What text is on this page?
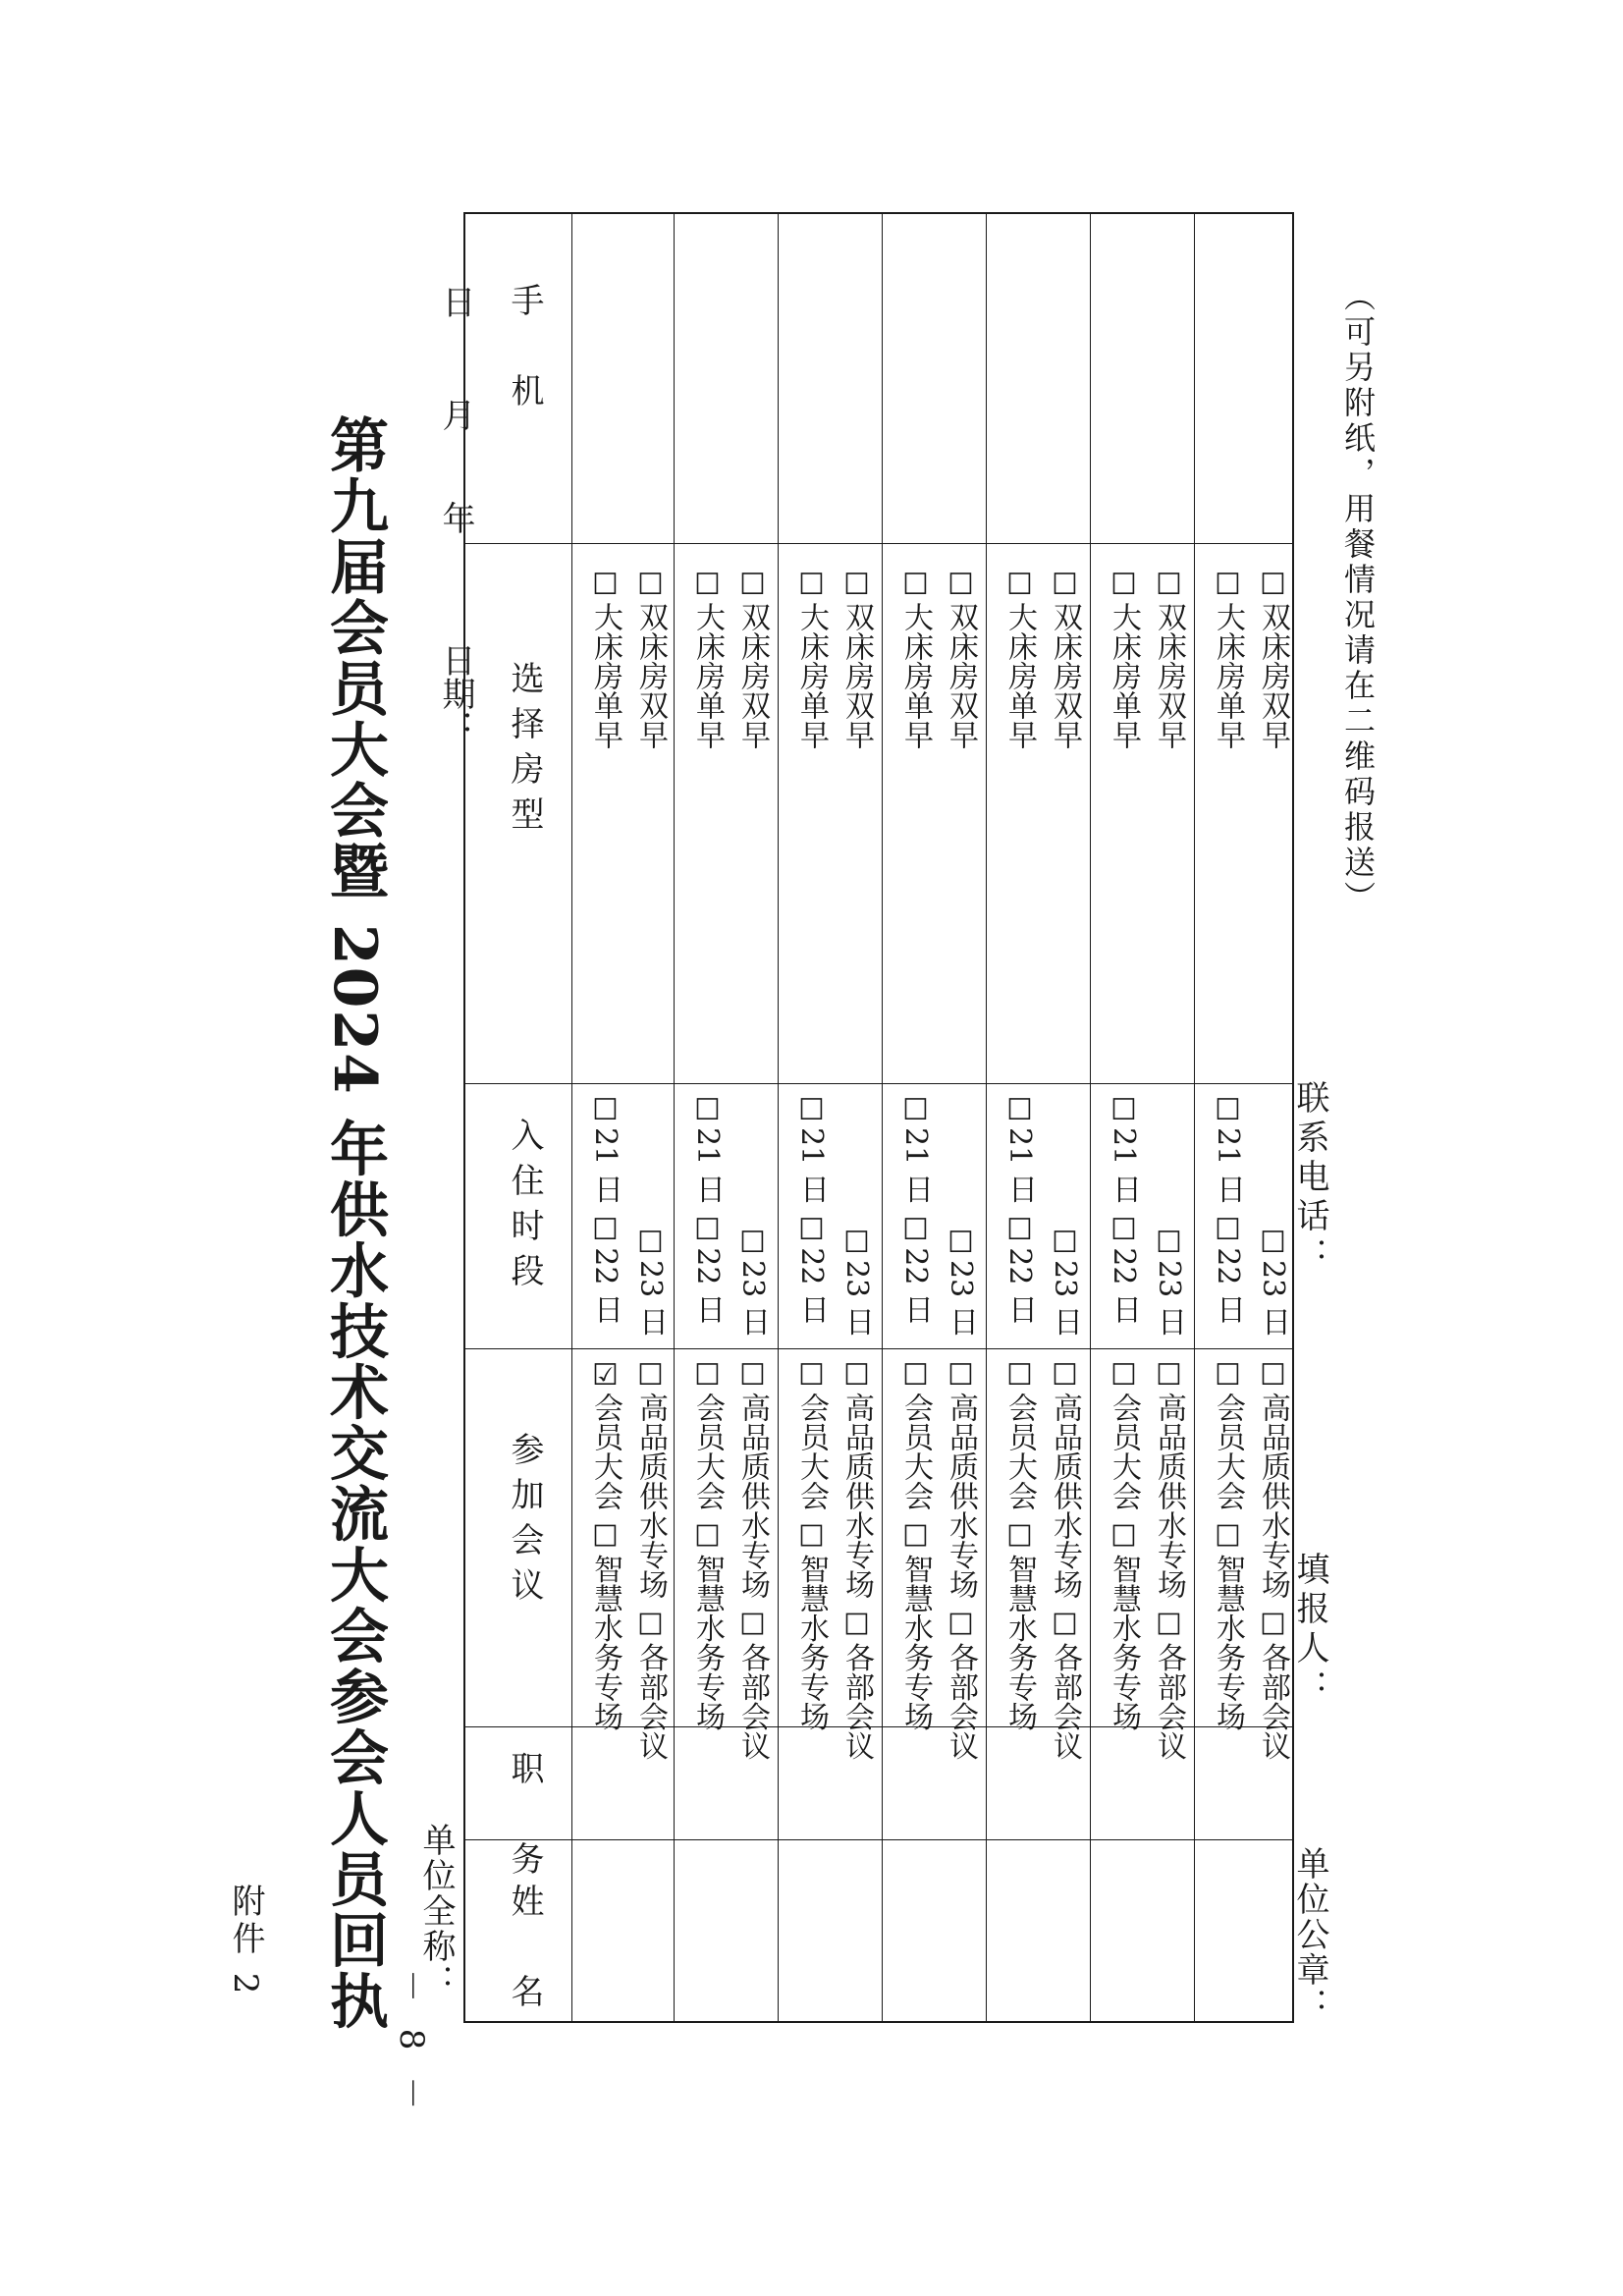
附件 2 第九届会员大会暨 2024 年供水技术交流大会参会人员回执 单位全称：
日期：
年
月
日 手　机
选择房型
入住时段
参加会议
职　务
姓　名
☐大床房单早 ☐双床房双早
☐21 日 ☐22 日 ☐23 日
☑会员大会 ☐智慧水务专场 ☐高品质供水专场 ☐各部会议
☐大床房单早 ☐双床房双早
☐21 日 ☐22 日 ☐23 日
☐会员大会 ☐智慧水务专场 ☐高品质供水专场 ☐各部会议
☐大床房单早 ☐双床房双早
☐21 日 ☐22 日 ☐23 日
☐会员大会 ☐智慧水务专场 ☐高品质供水专场 ☐各部会议
☐大床房单早 ☐双床房双早
☐21 日 ☐22 日 ☐23 日
☐会员大会 ☐智慧水务专场 ☐高品质供水专场 ☐各部会议
☐大床房单早 ☐双床房双早
☐21 日 ☐22 日 ☐23 日
☐会员大会 ☐智慧水务专场 ☐高品质供水专场 ☐各部会议
☐大床房单早 ☐双床房双早
☐21 日 ☐22 日 ☐23 日
☐会员大会 ☐智慧水务专场 ☐高品质供水专场 ☐各部会议
☐大床房单早 ☐双床房双早
☐21 日 ☐22 日 ☐23 日
☐会员大会 ☐智慧水务专场 ☐高品质供水专场 ☐各部会议
单位公章：
填报人：
联系电话：
（可另附纸，用餐情况请在二维码报送）
－ 8 －
